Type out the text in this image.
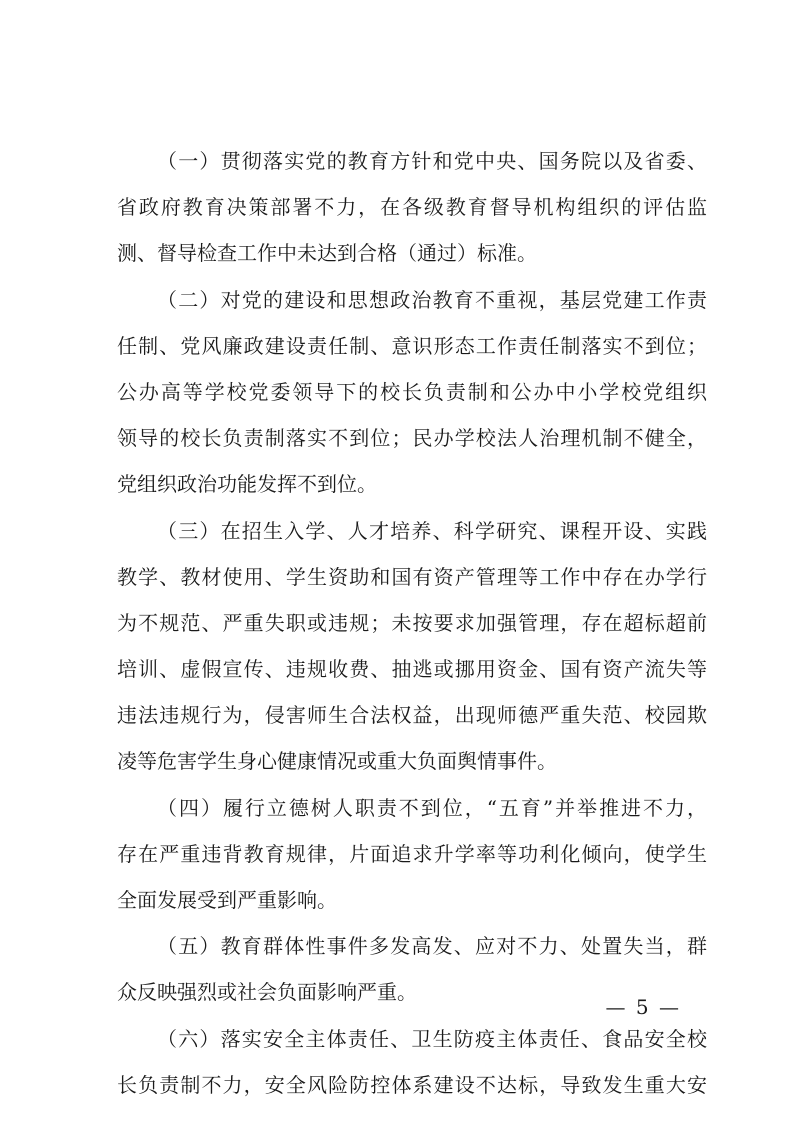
（一）贯彻落实党的教育方针和党中央、国务院以及省委、
省政府教育决策部署不力，在各级教育督导机构组织的评估监
测、督导检查工作中未达到合格（通过）标准。
（二）对党的建设和思想政治教育不重视，基层党建工作责
任制、党风廉政建设责任制、意识形态工作责任制落实不到位；
公办高等学校党委领导下的校长负责制和公办中小学校党组织
领导的校长负责制落实不到位；民办学校法人治理机制不健全，
党组织政治功能发挥不到位。
（三）在招生入学、人才培养、科学研究、课程开设、实践
教学、教材使用、学生资助和国有资产管理等工作中存在办学行
为不规范、严重失职或违规；未按要求加强管理，存在超标超前
培训、虚假宣传、违规收费、抽逃或挪用资金、国有资产流失等
违法违规行为，侵害师生合法权益，出现师德严重失范、校园欺
凌等危害学生身心健康情况或重大负面舆情事件。
（四）履行立德树人职责不到位，“五育”并举推进不力，
存在严重违背教育规律，片面追求升学率等功利化倾向，使学生
全面发展受到严重影响。
（五）教育群体性事件多发高发、应对不力、处置失当，群
众反映强烈或社会负面影响严重。
（六）落实安全主体责任、卫生防疫主体责任、食品安全校
长负责制不力，安全风险防控体系建设不达标，导致发生重大安
— 5 —
